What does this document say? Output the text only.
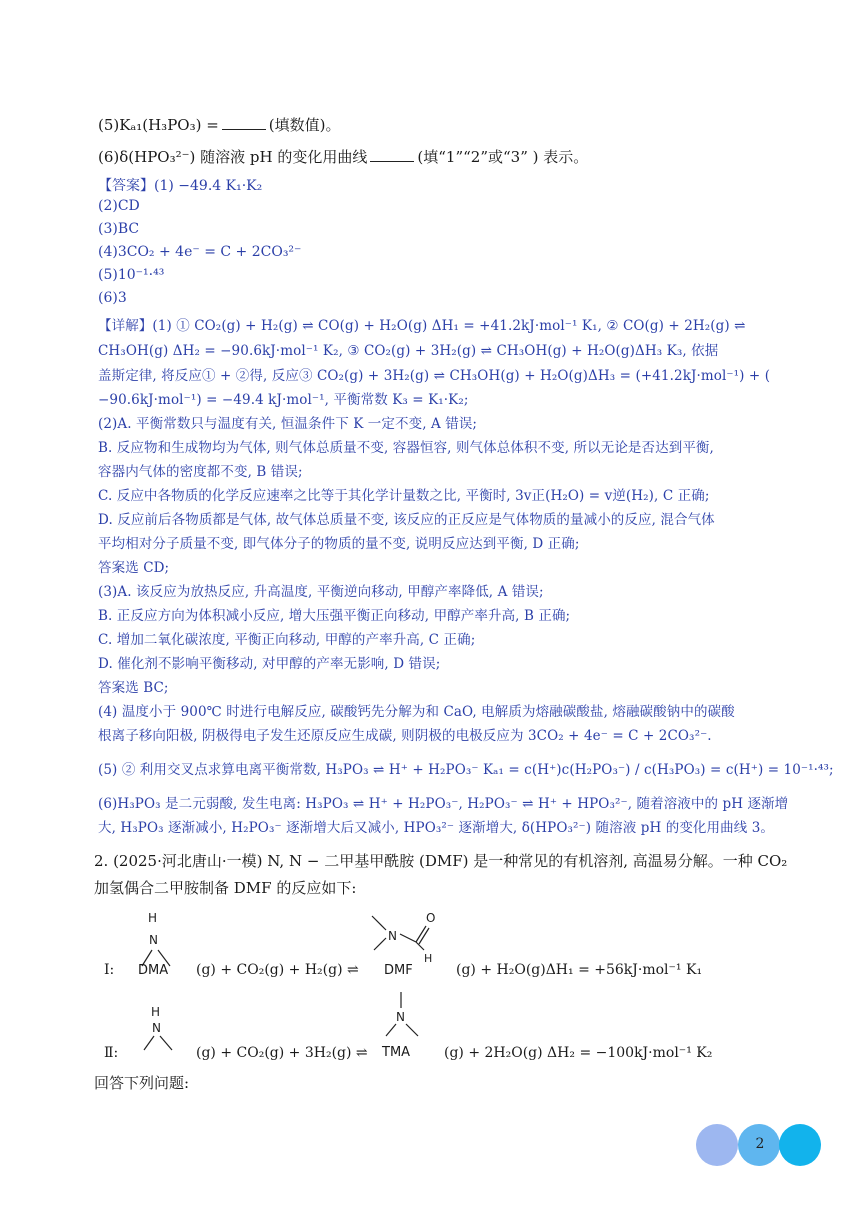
(5)Kₐ₁(H₃PO₃) =	(填数值)。
(6)δ(HPO₃²⁻) 随溶液 pH 的变化用曲线	(填“1”“2”或“3” ) 表示。
【答案】(1) −49.4 K₁·K₂
(2)CD
(3)BC
(4)3CO₂ + 4e⁻ = C + 2CO₃²⁻
(5)10⁻¹·⁴³
(6)3
【详解】(1) ① CO₂(g) + H₂(g) ⇌ CO(g) + H₂O(g) ΔH₁ = +41.2kJ·mol⁻¹ K₁, ② CO(g) + 2H₂(g) ⇌
CH₃OH(g) ΔH₂ = −90.6kJ·mol⁻¹ K₂, ③ CO₂(g) + 3H₂(g) ⇌ CH₃OH(g) + H₂O(g)ΔH₃ K₃, 依据
盖斯定律, 将反应① + ②得, 反应③ CO₂(g) + 3H₂(g) ⇌ CH₃OH(g) + H₂O(g)ΔH₃ = (+41.2kJ·mol⁻¹) + (
−90.6kJ·mol⁻¹) = −49.4 kJ·mol⁻¹, 平衡常数 K₃ = K₁·K₂;
(2)A. 平衡常数只与温度有关, 恒温条件下 K 一定不变, A 错误;
B. 反应物和生成物均为气体, 则气体总质量不变, 容器恒容, 则气体总体积不变, 所以无论是否达到平衡,
容器内气体的密度都不变, B 错误;
C. 反应中各物质的化学反应速率之比等于其化学计量数之比, 平衡时, 3v正(H₂O) = v逆(H₂), C 正确;
D. 反应前后各物质都是气体, 故气体总质量不变, 该反应的正反应是气体物质的量减小的反应, 混合气体
平均相对分子质量不变, 即气体分子的物质的量不变, 说明反应达到平衡, D 正确;
答案选 CD;
(3)A. 该反应为放热反应, 升高温度, 平衡逆向移动, 甲醇产率降低, A 错误;
B. 正反应方向为体积减小反应, 增大压强平衡正向移动, 甲醇产率升高, B 正确;
C. 增加二氧化碳浓度, 平衡正向移动, 甲醇的产率升高, C 正确;
D. 催化剂不影响平衡移动, 对甲醇的产率无影响, D 错误;
答案选 BC;
(4) 温度小于 900℃ 时进行电解反应, 碳酸钙先分解为和 CaO, 电解质为熔融碳酸盐, 熔融碳酸钠中的碳酸
根离子移向阳极, 阴极得电子发生还原反应生成碳, 则阴极的电极反应为 3CO₂ + 4e⁻ = C + 2CO₃²⁻.
(5) ② 利用交叉点求算电离平衡常数, H₃PO₃ ⇌ H⁺ + H₂PO₃⁻ Kₐ₁ = c(H⁺)c(H₂PO₃⁻) / c(H₃PO₃) = c(H⁺) = 10⁻¹·⁴³;
(6)H₃PO₃ 是二元弱酸, 发生电离: H₃PO₃ ⇌ H⁺ + H₂PO₃⁻, H₂PO₃⁻ ⇌ H⁺ + HPO₃²⁻, 随着溶液中的 pH 逐渐增
大, H₃PO₃ 逐渐减小, H₂PO₃⁻ 逐渐增大后又减小, HPO₃²⁻ 逐渐增大, δ(HPO₃²⁻) 随溶液 pH 的变化用曲线 3。
2. (2025·河北唐山·一模) N, N − 二甲基甲酰胺 (DMF) 是一种常见的有机溶剂, 高温易分解。一种 CO₂
加氢偶合二甲胺制备 DMF 的反应如下:
Ⅰ:
H
N
DMA (g) + CO₂(g) + H₂(g) ⇌
N
O
H
DMF	(g) + H₂O(g)ΔH₁ = +56kJ·mol⁻¹ K₁
Ⅱ:
H
N
(g) + CO₂(g) + 3H₂(g) ⇌
N
TMA (g) + 2H₂O(g) ΔH₂ = −100kJ·mol⁻¹ K₂
回答下列问题:
2
